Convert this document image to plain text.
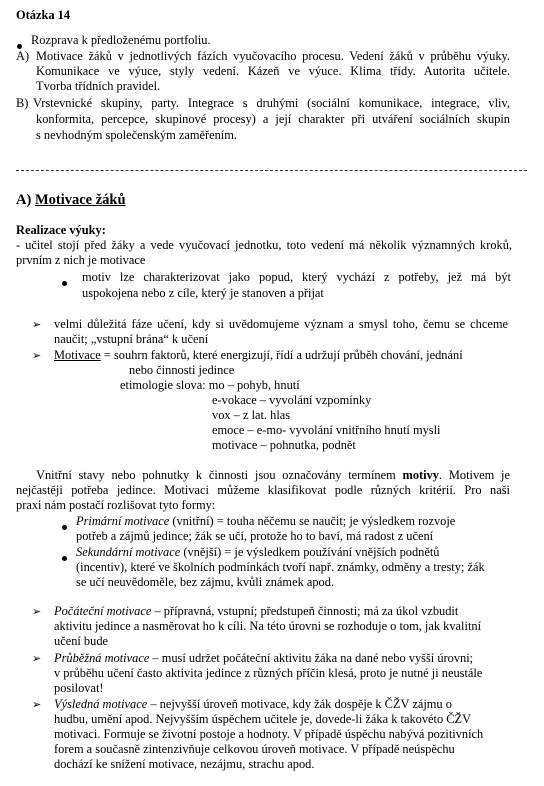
Otázka 14
Rozprava k předloženému portfoliu.
A) Motivace žáků v jednotlivých fázích vyučovacího procesu. Vedení žáků v průběhu výuky.
Komunikace ve výuce, styly vedení. Kázeň ve výuce. Klima třídy. Autorita učitele.
Tvorba třídních pravidel.
B) Vrstevnické skupiny, party. Integrace s druhými (sociální komunikace, integrace, vliv,
konformita, percepce, skupinové procesy) a její charakter při utváření sociálních skupin
s nevhodným společenským zaměřením.
A) Motivace žáků
Realizace výuky:
- učitel stojí před žáky a vede vyučovací jednotku, toto vedení má několik významných kroků,
prvním z nich je motivace
motiv lze charakterizovat jako popud, který vychází z potřeby, jež má být
uspokojena nebo z cíle, který je stanoven a přijat
➢ velmi důležitá fáze učení, kdy si uvědomujeme význam a smysl toho, čemu se chceme
naučit; „vstupní brána“ k učení
➢ Motivace = souhrn faktorů, které energizují, řídí a udržují průběh chování, jednání
nebo činnosti jedince
etimologie slova: mo – pohyb, hnutí
e-vokace – vyvolání vzpomínky
vox – z lat. hlas
emoce – e-mo- vyvolání vnitřního hnutí mysli
motivace – pohnutka, podnět
Vnitřní stavy nebo pohnutky k činnosti jsou označovány termínem motivy. Motivem je
nejčastěji potřeba jedince. Motivaci můžeme klasifikovat podle různých kritérií. Pro naši
praxi nám postačí rozlišovat tyto formy:
Primární motivace (vnitřní) = touha něčemu se naučit; je výsledkem rozvoje
potřeb a zájmů jedince; žák se učí, protože ho to baví, má radost z učení
Sekundární motivace (vnější) = je výsledkem používání vnějších podnětů
(incentiv), které ve školních podmínkách tvoří např. známky, odměny a tresty; žák
se učí neuvědoměle, bez zájmu, kvůli známek apod.
➢ Počáteční motivace – přípravná, vstupní; předstupeň činnosti; má za úkol vzbudit
aktivitu jedince a nasměrovat ho k cíli. Na této úrovni se rozhoduje o tom, jak kvalitní
učení bude
➢ Průběžná motivace – musí udržet počáteční aktivitu žáka na dané nebo vyšší úrovni;
v průběhu učení často aktivita jedince z různých příčin klesá, proto je nutné ji neustále
posilovat!
➢ Výsledná motivace – nejvyšší úroveň motivace, kdy žák dospěje k ČŽV zájmu o
hudbu, umění apod. Nejvyšším úspěchem učitele je, dovede-li žáka k takovéto ČŽV
motivaci. Formuje se životní postoje a hodnoty. V případě úspěchu nabývá pozitivních
forem a současně zintenzivňuje celkovou úroveň motivace. V případě neúspěchu
dochází ke snížení motivace, nezájmu, strachu apod.
